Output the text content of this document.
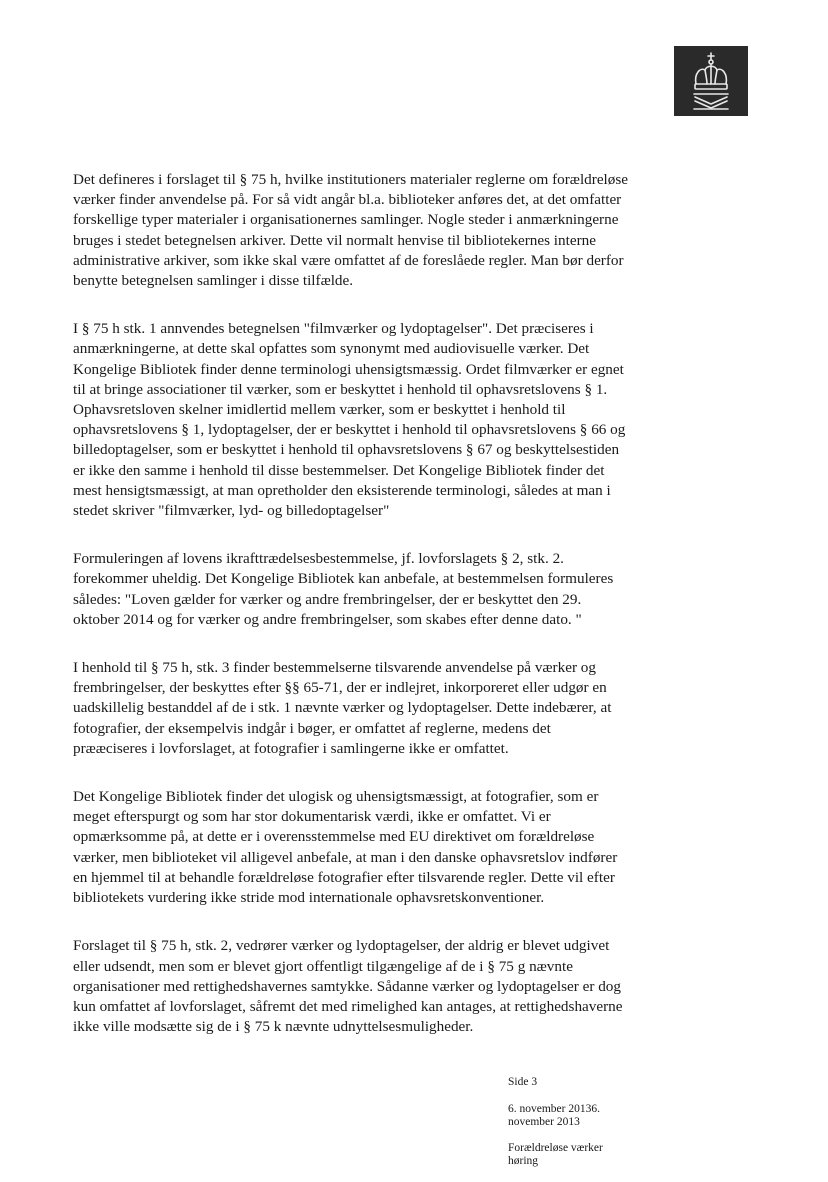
Det defineres i forslaget til § 75 h, hvilke institutioners materialer reglerne om forældreløse
værker finder anvendelse på. For så vidt angår bl.a. biblioteker anføres det, at det omfatter
forskellige typer materialer i organisationernes samlinger. Nogle steder i anmærkningerne
bruges i stedet betegnelsen arkiver. Dette vil normalt henvise til bibliotekernes interne
administrative arkiver, som ikke skal være omfattet af de foreslåede regler. Man bør derfor
benytte betegnelsen samlinger i disse tilfælde.

I § 75 h stk. 1 annvendes betegnelsen "filmværker og lydoptagelser". Det præciseres i
anmærkningerne, at dette skal opfattes som synonymt med audiovisuelle værker. Det
Kongelige Bibliotek finder denne terminologi uhensigtsmæssig. Ordet filmværker er egnet
til at bringe associationer til værker, som er beskyttet i henhold til ophavsretslovens § 1.
Ophavsretsloven skelner imidlertid mellem værker, som er beskyttet i henhold til
ophavsretslovens § 1, lydoptagelser, der er beskyttet i henhold til ophavsretslovens § 66 og
billedoptagelser, som er beskyttet i henhold til ophavsretslovens § 67 og beskyttelsestiden
er ikke den samme i henhold til disse bestemmelser. Det Kongelige Bibliotek finder det
mest hensigtsmæssigt, at man opretholder den eksisterende terminologi, således at man i
stedet skriver "filmværker, lyd- og billedoptagelser"

Formuleringen af lovens ikrafttrædelsesbestemmelse, jf. lovforslagets § 2, stk. 2.
forekommer uheldig. Det Kongelige Bibliotek kan anbefale, at bestemmelsen formuleres
således: "Loven gælder for værker og andre frembringelser, der er beskyttet den 29.
oktober 2014 og for værker og andre frembringelser, som skabes efter denne dato. "

I henhold til § 75 h, stk. 3 finder bestemmelserne tilsvarende anvendelse på værker og
frembringelser, der beskyttes efter §§ 65-71, der er indlejret, inkorporeret eller udgør en
uadskillelig bestanddel af de i stk. 1 nævnte værker og lydoptagelser. Dette indebærer, at
fotografier, der eksempelvis indgår i bøger, er omfattet af reglerne, medens det
prææciseres i lovforslaget, at fotografier i samlingerne ikke er omfattet.

Det Kongelige Bibliotek finder det ulogisk og uhensigtsmæssigt, at fotografier, som er
meget efterspurgt og som har stor dokumentarisk værdi, ikke er omfattet. Vi er
opmærksomme på, at dette er i overensstemmelse med EU direktivet om forældreløse
værker, men biblioteket vil alligevel anbefale, at man i den danske ophavsretslov indfører
en hjemmel til at behandle forældreløse fotografier efter tilsvarende regler. Dette vil efter
bibliotekets vurdering ikke stride mod internationale ophavsretskonventioner.

Forslaget til § 75 h, stk. 2, vedrører værker og lydoptagelser, der aldrig er blevet udgivet
eller udsendt, men som er blevet gjort offentligt tilgængelige af de i § 75 g nævnte
organisationer med rettighedshavernes samtykke. Sådanne værker og lydoptagelser er dog
kun omfattet af lovforslaget, såfremt det med rimelighed kan antages, at rettighedshaverne
ikke ville modsætte sig de i § 75 k nævnte udnyttelsesmuligheder.

Side 3

6. november 20136.
november 2013

Forældreløse værker
høring
